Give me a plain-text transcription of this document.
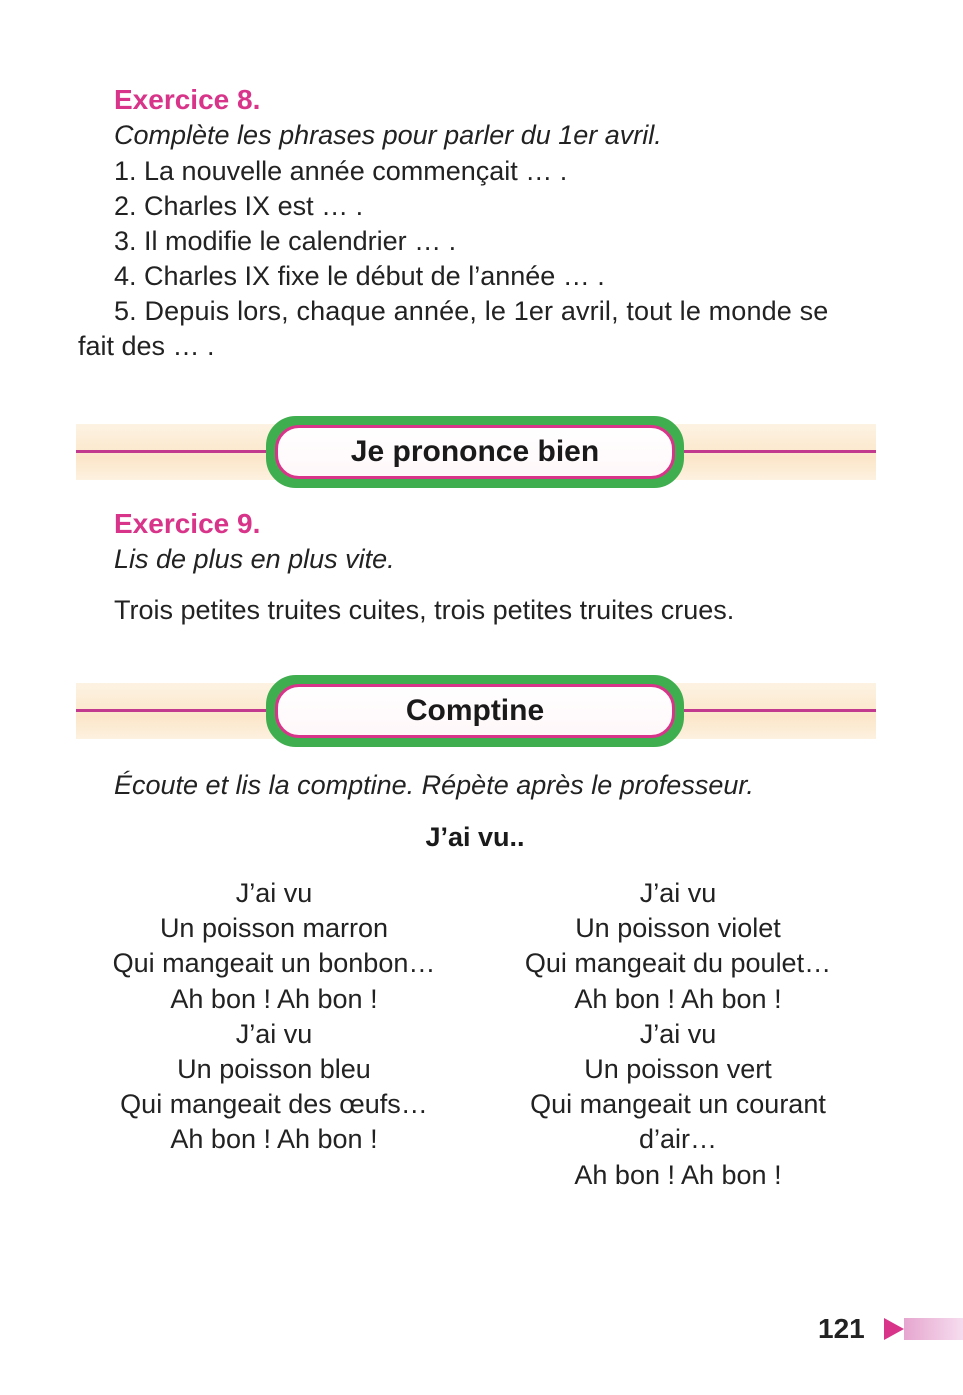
Exercice 8.
Complète les phrases pour parler du 1er avril.
1. La nouvelle année commençait … .
2. Charles IX est … .
3. Il modifie le calendrier … .
4. Charles IX fixe le début de l’année … .
5. Depuis lors, chaque année, le 1er avril, tout le monde se
fait des … .
Je prononce bien
Exercice 9.
Lis de plus en plus vite.
Trois petites truites cuites, trois petites truites crues.
Comptine
Écoute et lis la comptine. Répète après le professeur.
J’ai vu..
J’ai vu
Un poisson marron
Qui mangeait un bonbon…
Ah bon ! Ah bon !
J’ai vu
Un poisson bleu
Qui mangeait des œufs…
Ah bon ! Ah bon !
J’ai vu
Un poisson violet
Qui mangeait du poulet…
Ah bon ! Ah bon !
J’ai vu
Un poisson vert
Qui mangeait un courant
d’air…
Ah bon ! Ah bon !
121
